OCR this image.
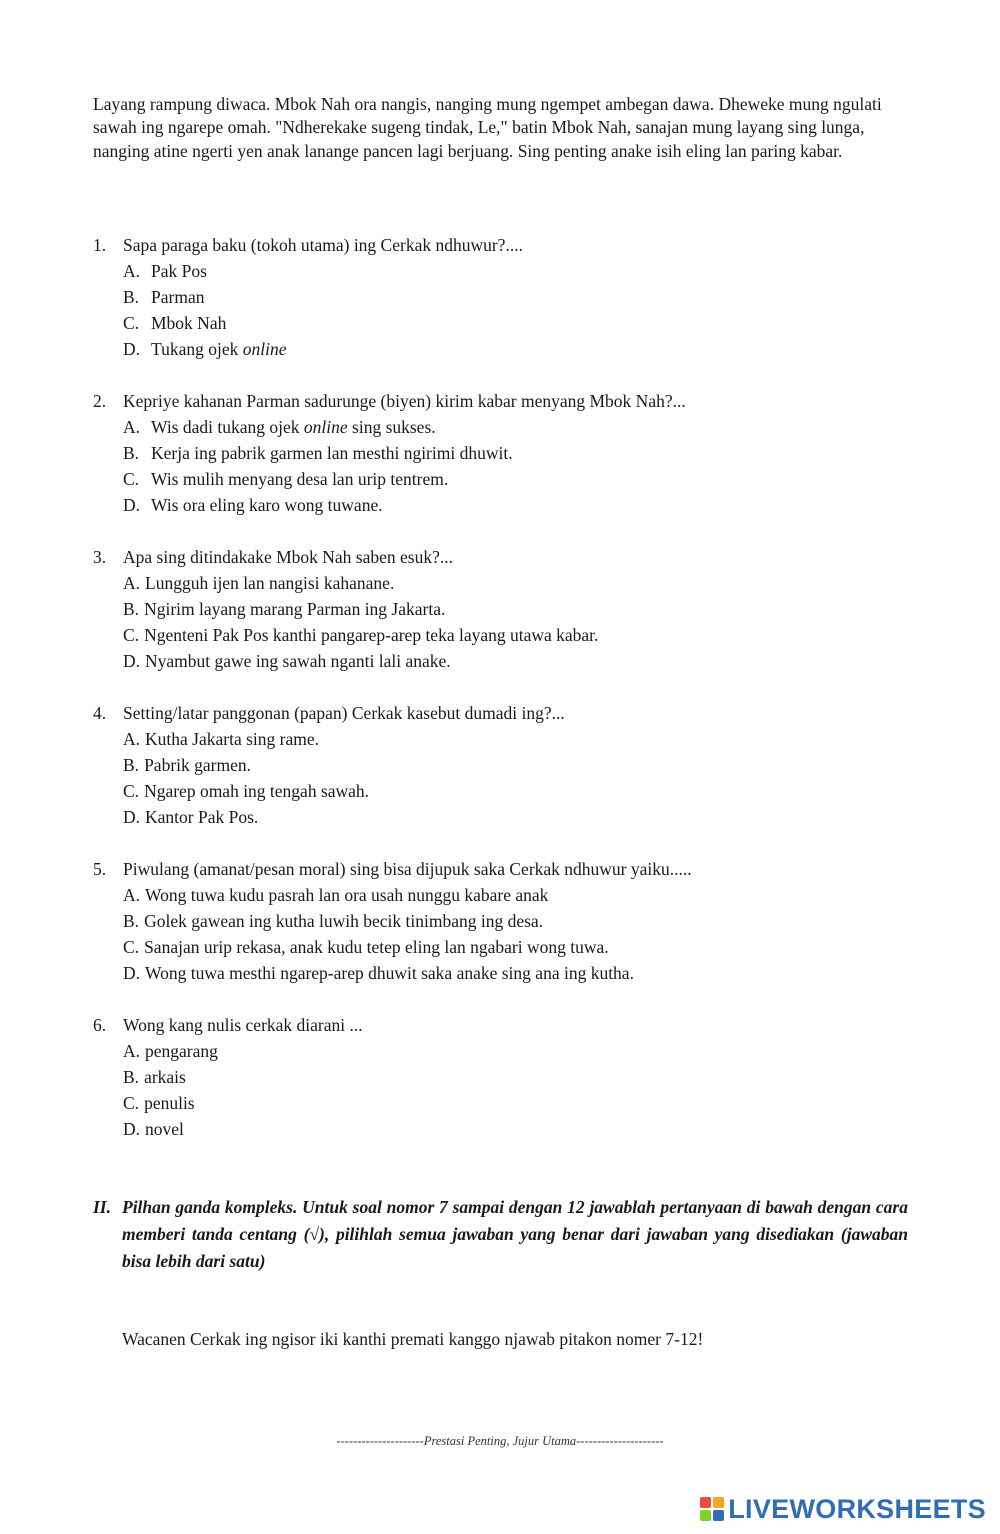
Layang rampung diwaca. Mbok Nah ora nangis, nanging mung ngempet ambegan dawa. Dheweke mung ngulati sawah ing ngarepe omah. "Ndherekake sugeng tindak, Le," batin Mbok Nah, sanajan mung layang sing lunga, nanging atine ngerti yen anak lanange pancen lagi berjuang. Sing penting anake isih eling lan paring kabar.
1. Sapa paraga baku (tokoh utama) ing Cerkak ndhuwur?....
A. Pak Pos
B. Parman
C. Mbok Nah
D. Tukang ojek online
2. Kepriye kahanan Parman sadurunge (biyen) kirim kabar menyang Mbok Nah?...
A. Wis dadi tukang ojek online sing sukses.
B. Kerja ing pabrik garmen lan mesthi ngirimi dhuwit.
C. Wis mulih menyang desa lan urip tentrem.
D. Wis ora eling karo wong tuwane.
3. Apa sing ditindakake Mbok Nah saben esuk?...
A. Lungguh ijen lan nangisi kahanane.
B. Ngirim layang marang Parman ing Jakarta.
C. Ngenteni Pak Pos kanthi pangarep-arep teka layang utawa kabar.
D. Nyambut gawe ing sawah nganti lali anake.
4. Setting/latar panggonan (papan) Cerkak kasebut dumadi ing?...
A. Kutha Jakarta sing rame.
B. Pabrik garmen.
C. Ngarep omah ing tengah sawah.
D. Kantor Pak Pos.
5. Piwulang (amanat/pesan moral) sing bisa dijupuk saka Cerkak ndhuwur yaiku.....
A. Wong tuwa kudu pasrah lan ora usah nunggu kabare anak
B. Golek gawean ing kutha luwih becik tinimbang ing desa.
C. Sanajan urip rekasa, anak kudu tetep eling lan ngabari wong tuwa.
D. Wong tuwa mesthi ngarep-arep dhuwit saka anake sing ana ing kutha.
6. Wong kang nulis cerkak diarani ...
A. pengarang
B. arkais
C. penulis
D. novel
II. Pilhan ganda kompleks. Untuk soal nomor 7 sampai dengan 12 jawablah pertanyaan di bawah dengan cara memberi tanda centang (√), pilihlah semua jawaban yang benar dari jawaban yang disediakan (jawaban bisa lebih dari satu)
Wacanen Cerkak ing ngisor iki kanthi premati kanggo njawab pitakon nomer 7-12!
---------------------Prestasi Penting, Jujur Utama---------------------
LIVEWORKSHEETS
